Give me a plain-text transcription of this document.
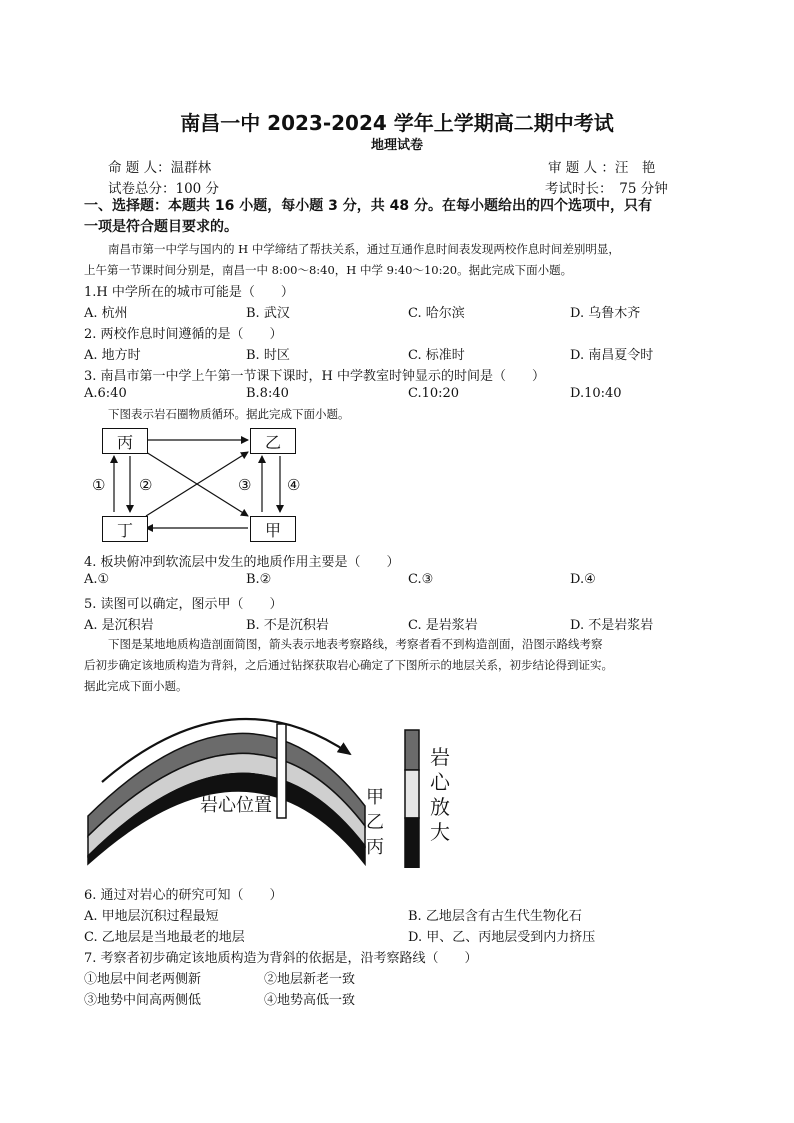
南昌一中 2023-2024 学年上学期高二期中考试
地理试卷
命 题 人：温群林	审 题 人 ：汪　艳
试卷总分：100 分	考试时长：　75 分钟
一、选择题：本题共 16 小题，每小题 3 分，共 48 分。在每小题给出的四个选项中，只有
一项是符合题目要求的。
南昌市第一中学与国内的 H 中学缔结了帮扶关系，通过互通作息时间表发现两校作息时间差别明显，
上午第一节课时间分别是，南昌一中 8:00～8:40，H 中学 9:40～10:20。据此完成下面小题。
1.H 中学所在的城市可能是（　　）
A. 杭州	B. 武汉	C. 哈尔滨	D. 乌鲁木齐
2. 两校作息时间遵循的是（　　）
A. 地方时	B. 时区	C. 标准时	D. 南昌夏令时
3. 南昌市第一中学上午第一节课下课时，H 中学教室时钟显示的时间是（　　）
A.6:40	B.8:40	C.10:20	D.10:40
下图表示岩石圈物质循环。据此完成下面小题。
丙	乙
丁	甲
① ②	③ ④
4. 板块俯冲到软流层中发生的地质作用主要是（　　）
A.①	B.②	C.③	D.④
5. 读图可以确定，图示甲（　　）
A. 是沉积岩	B. 不是沉积岩	C. 是岩浆岩	D. 不是岩浆岩
下图是某地地质构造剖面简图，箭头表示地表考察路线，考察者看不到构造剖面，沿图示路线考察
后初步确定该地质构造为背斜，之后通过钻探获取岩心确定了下图所示的地层关系，初步结论得到证实。
据此完成下面小题。
岩心位置	甲
乙
丙
岩
心
放
大
6. 通过对岩心的研究可知（　　）
A. 甲地层沉积过程最短	B. 乙地层含有古生代生物化石
C. 乙地层是当地最老的地层	D. 甲、乙、丙地层受到内力挤压
7. 考察者初步确定该地质构造为背斜的依据是，沿考察路线（　　）
①地层中间老两侧新	②地层新老一致
③地势中间高两侧低	④地势高低一致
